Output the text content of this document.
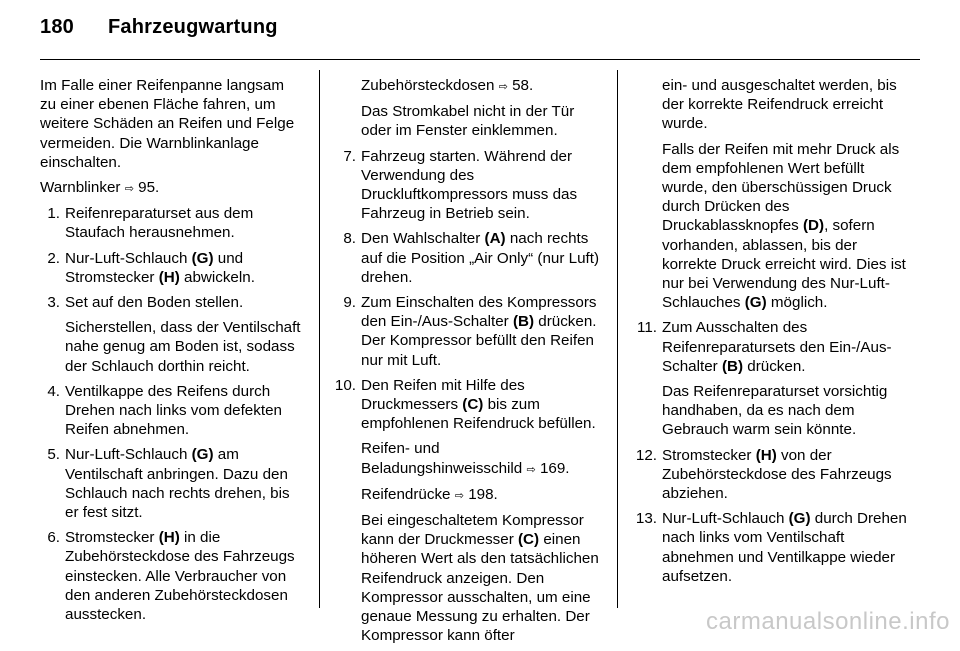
180 Fahrzeugwartung

Im Falle einer Reifenpanne langsam zu einer ebenen Fläche fahren, um weitere Schäden an Reifen und Felge vermeiden. Die Warnblinkanlage einschalten.

Warnblinker ⇨ 95.

1. Reifenreparaturset aus dem Staufach herausnehmen.
2. Nur-Luft-Schlauch (G) und Stromstecker (H) abwickeln.
3. Set auf den Boden stellen.

Sicherstellen, dass der Ventilschaft nahe genug am Boden ist, sodass der Schlauch dorthin reicht.

4. Ventilkappe des Reifens durch Drehen nach links vom defekten Reifen abnehmen.
5. Nur-Luft-Schlauch (G) am Ventilschaft anbringen. Dazu den Schlauch nach rechts drehen, bis er fest sitzt.
6. Stromstecker (H) in die Zubehörsteckdose des Fahrzeugs einstecken. Alle Verbraucher von den anderen Zubehörsteckdosen ausstecken.

Zubehörsteckdosen ⇨ 58.

Das Stromkabel nicht in der Tür oder im Fenster einklemmen.

7. Fahrzeug starten. Während der Verwendung des Druckluftkompressors muss das Fahrzeug in Betrieb sein.
8. Den Wahlschalter (A) nach rechts auf die Position „Air Only“ (nur Luft) drehen.
9. Zum Einschalten des Kompressors den Ein-/Aus-Schalter (B) drücken. Der Kompressor befüllt den Reifen nur mit Luft.
10. Den Reifen mit Hilfe des Druckmessers (C) bis zum empfohlenen Reifendruck befüllen.

Reifen- und Beladungshinweisschild ⇨ 169.

Reifendrücke ⇨ 198.

Bei eingeschaltetem Kompressor kann der Druckmesser (C) einen höheren Wert als den tatsächlichen Reifendruck anzeigen. Den Kompressor ausschalten, um eine genaue Messung zu erhalten. Der Kompressor kann öfter

ein- und ausgeschaltet werden, bis der korrekte Reifendruck erreicht wurde.

Falls der Reifen mit mehr Druck als dem empfohlenen Wert befüllt wurde, den überschüssigen Druck durch Drücken des Druckablassknopfes (D), sofern vorhanden, ablassen, bis der korrekte Druck erreicht wird. Dies ist nur bei Verwendung des Nur-Luft-Schlauches (G) möglich.

11. Zum Ausschalten des Reifenreparatursets den Ein-/Aus-Schalter (B) drücken.

Das Reifenreparaturset vorsichtig handhaben, da es nach dem Gebrauch warm sein könnte.

12. Stromstecker (H) von der Zubehörsteckdose des Fahrzeugs abziehen.
13. Nur-Luft-Schlauch (G) durch Drehen nach links vom Ventilschaft abnehmen und Ventilkappe wieder aufsetzen.
carmanualsonline.info
